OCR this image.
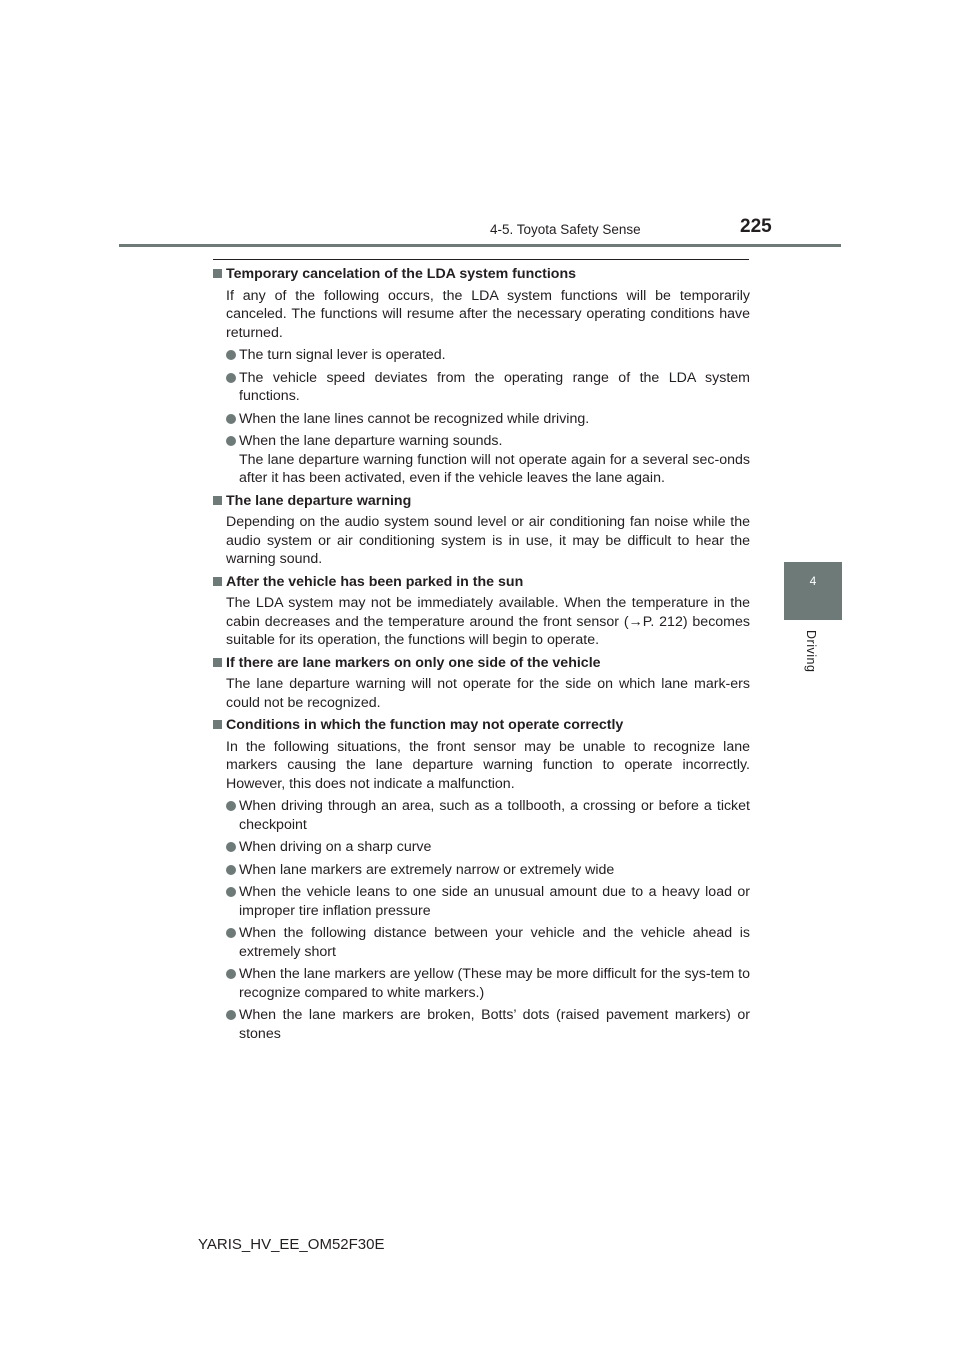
4-5. Toyota Safety Sense	225
4
Driving
Temporary cancelation of the LDA system functions
If any of the following occurs, the LDA system functions will be temporarily canceled. The functions will resume after the necessary operating conditions have returned.
The turn signal lever is operated.
The vehicle speed deviates from the operating range of the LDA system functions.
When the lane lines cannot be recognized while driving.
When the lane departure warning sounds.
The lane departure warning function will not operate again for a several sec-onds after it has been activated, even if the vehicle leaves the lane again.
The lane departure warning
Depending on the audio system sound level or air conditioning fan noise while the audio system or air conditioning system is in use, it may be difficult to hear the warning sound.
After the vehicle has been parked in the sun
The LDA system may not be immediately available. When the temperature in the cabin decreases and the temperature around the front sensor (→P. 212) becomes suitable for its operation, the functions will begin to operate.
If there are lane markers on only one side of the vehicle
The lane departure warning will not operate for the side on which lane mark-ers could not be recognized.
Conditions in which the function may not operate correctly
In the following situations, the front sensor may be unable to recognize lane markers causing the lane departure warning function to operate incorrectly. However, this does not indicate a malfunction.
When driving through an area, such as a tollbooth, a crossing or before a ticket checkpoint
When driving on a sharp curve
When lane markers are extremely narrow or extremely wide
When the vehicle leans to one side an unusual amount due to a heavy load or improper tire inflation pressure
When the following distance between your vehicle and the vehicle ahead is extremely short
When the lane markers are yellow (These may be more difficult for the sys-tem to recognize compared to white markers.)
When the lane markers are broken, Botts’ dots (raised pavement markers) or stones
YARIS_HV_EE_OM52F30E
